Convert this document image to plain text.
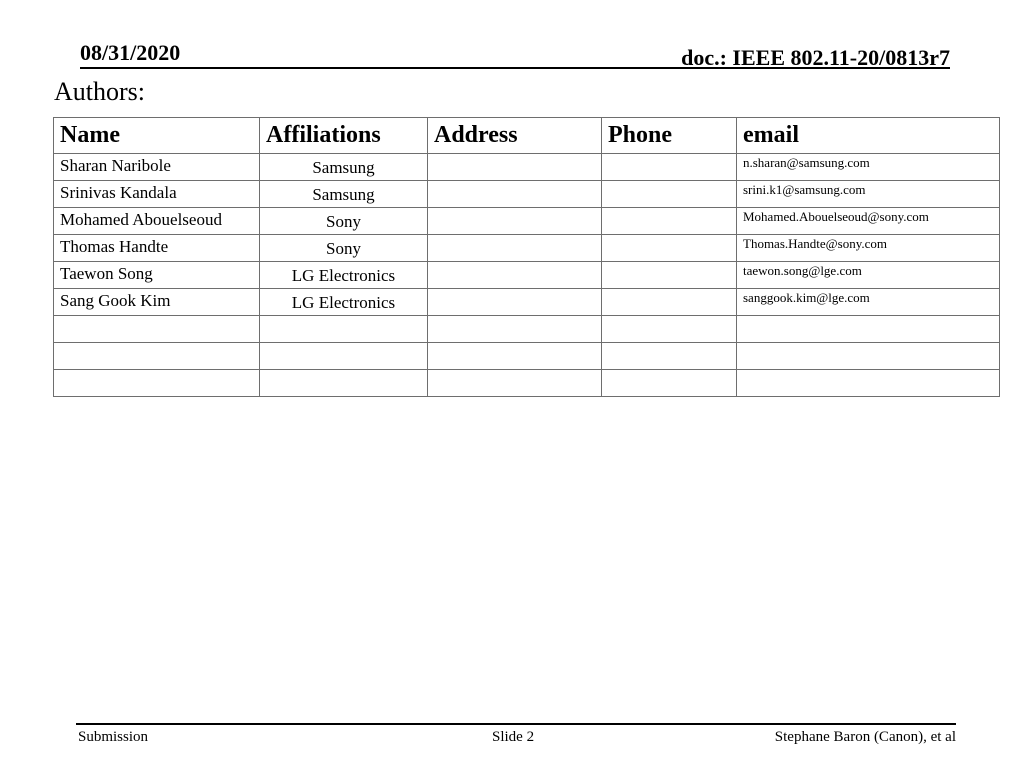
08/31/2020	doc.: IEEE 802.11-20/0813r7
Authors:
Name	Affiliations	Address	Phone	email
Sharan Naribole	Samsung			n.sharan@samsung.com
Srinivas Kandala	Samsung			srini.k1@samsung.com
Mohamed Abouelseoud	Sony			Mohamed.Abouelseoud@sony.com
Thomas Handte	Sony			Thomas.Handte@sony.com
Taewon Song	LG Electronics			taewon.song@lge.com
Sang Gook Kim	LG Electronics			sanggook.kim@lge.com

Submission	Slide 2	Stephane Baron (Canon), et al
